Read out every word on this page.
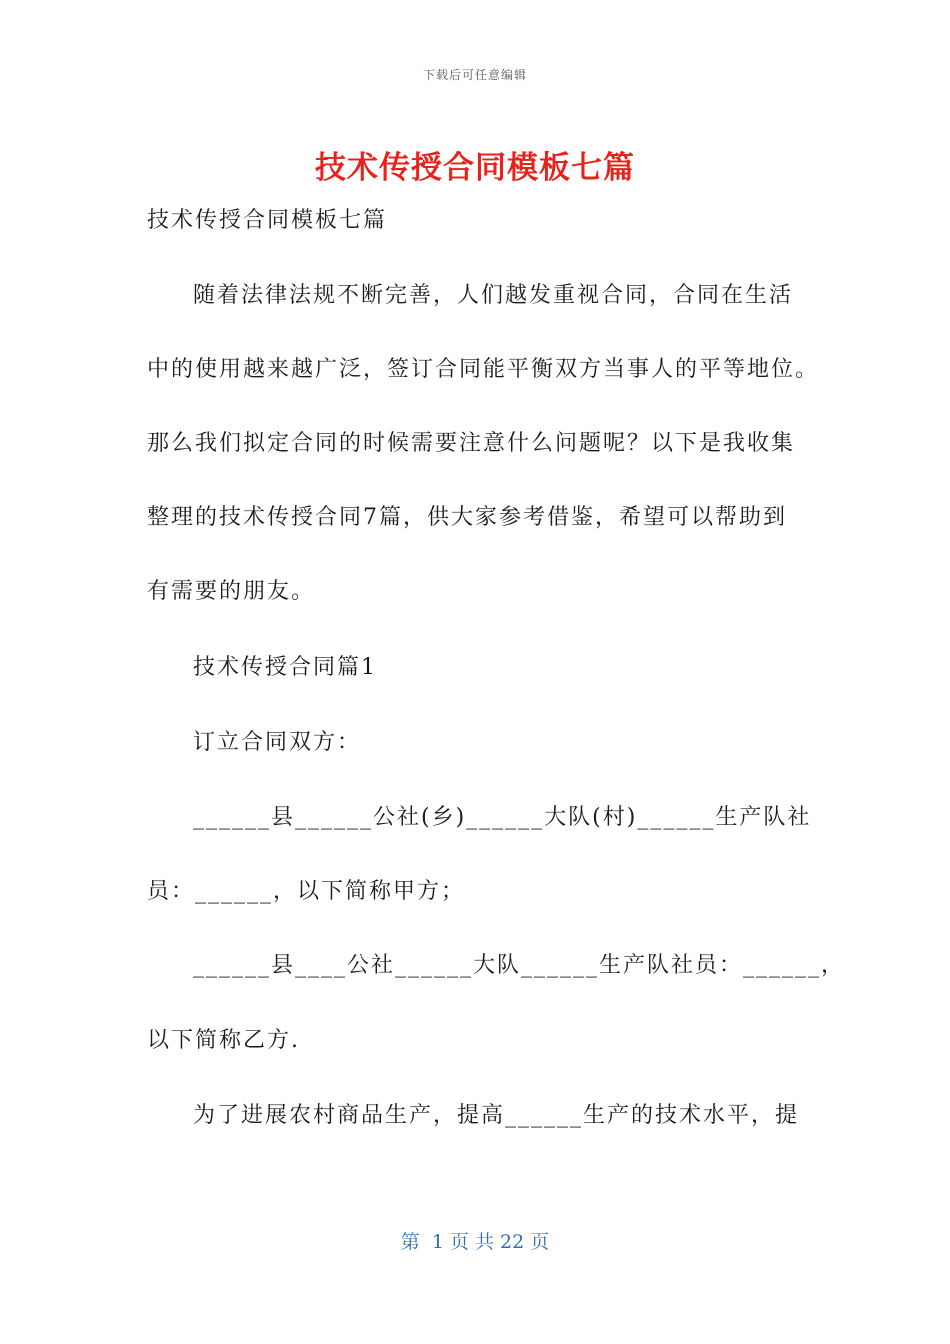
下载后可任意编辑
技术传授合同模板七篇
技术传授合同模板七篇
随着法律法规不断完善，人们越发重视合同，合同在生活
中的使用越来越广泛，签订合同能平衡双方当事人的平等地位。
那么我们拟定合同的时候需要注意什么问题呢？以下是我收集
整理的技术传授合同7篇，供大家参考借鉴，希望可以帮助到
有需要的朋友。
技术传授合同篇1
订立合同双方：
______县______公社(乡)______大队(村)______生产队社
员：______，以下简称甲方；
______县____公社______大队______生产队社员：______，
以下简称乙方.
为了进展农村商品生产，提高______生产的技术水平，提
第  1 页 共 22 页
